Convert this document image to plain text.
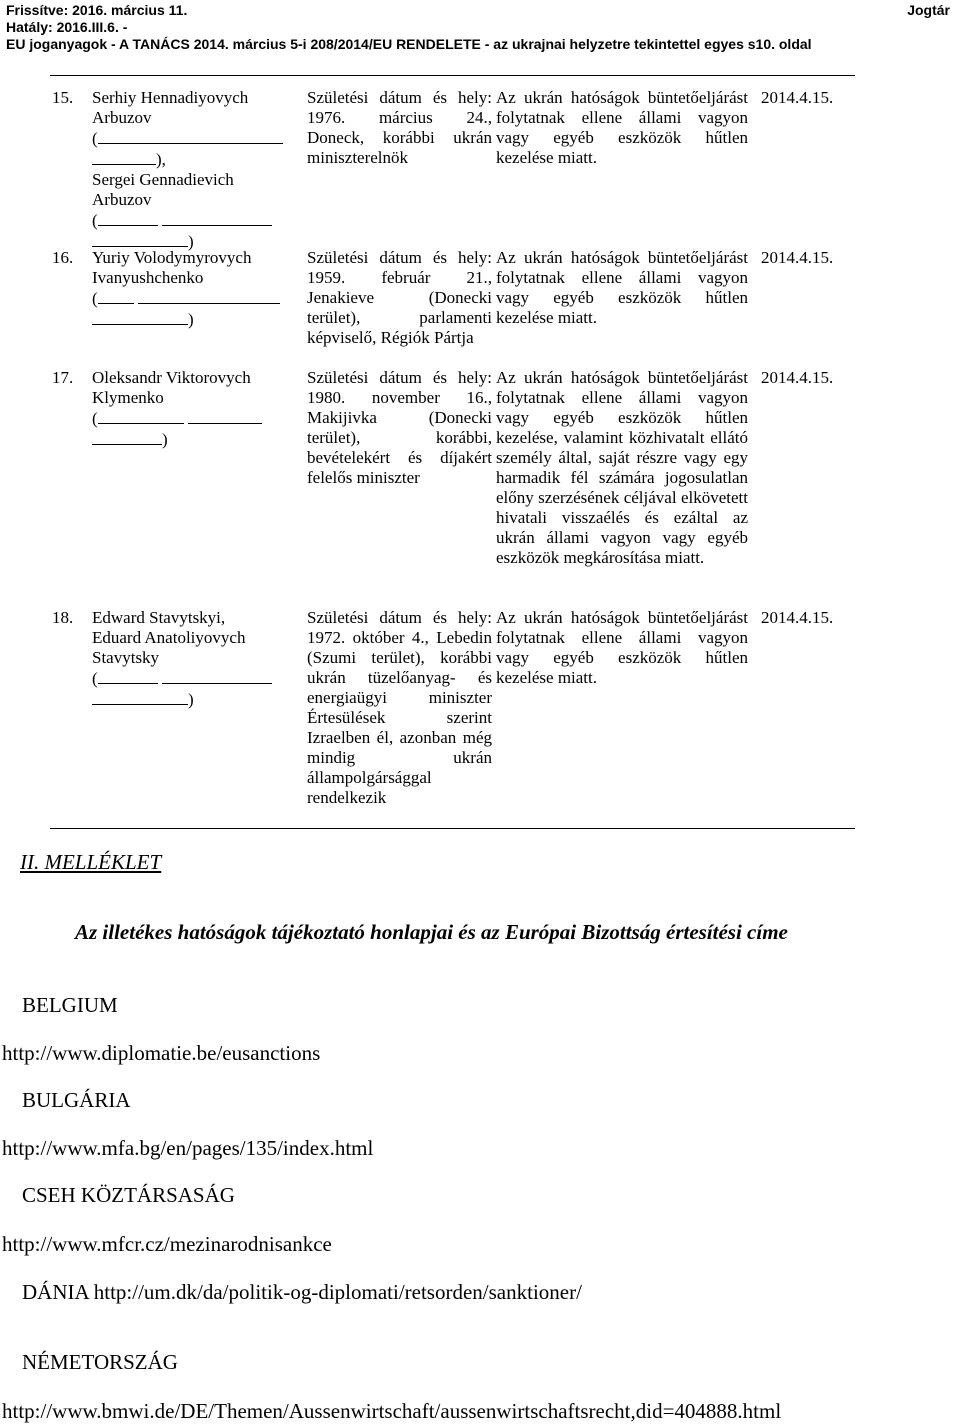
Frissítve: 2016. március 11.
Hatály: 2016.III.6. -
EU joganyagok - A TANÁCS 2014. március 5-i 208/2014/EU RENDELETE - az ukrajnai helyzetre tekintettel egyes s10. oldal
Jogtár
15. Serhiy Hennadiyovych
Arbuzov
(
),
Sergei Gennadievich
Arbuzov
(
)
Születési dátum és hely: 1976. március 24., Doneck, korábbi ukrán miniszterelnök
Az ukrán hatóságok büntetőeljárást folytatnak ellene állami vagyon vagy egyéb eszközök hűtlen kezelése miatt.
2014.4.15.
16. Yuriy Volodymyrovych
Ivanyushchenko
(
)
Születési dátum és hely: 1959. február 21., Jenakieve (Donecki terület), parlamenti képviselő, Régiók Pártja
Az ukrán hatóságok büntetőeljárást folytatnak ellene állami vagyon vagy egyéb eszközök hűtlen kezelése miatt.
2014.4.15.
17. Oleksandr Viktorovych
Klymenko
(
)
Születési dátum és hely: 1980. november 16., Makijivka (Donecki terület), korábbi, bevételekért és díjakért felelős miniszter
Az ukrán hatóságok büntetőeljárást folytatnak ellene állami vagyon vagy egyéb eszközök hűtlen kezelése, valamint közhivatalt ellátó személy által, saját részre vagy egy harmadik fél számára jogosulatlan előny szerzésének céljával elkövetett hivatali visszaélés és ezáltal az ukrán állami vagyon vagy egyéb eszközök megkárosítása miatt.
2014.4.15.
18. Edward Stavytskyi,
Eduard Anatoliyovych
Stavytsky
(
)
Születési dátum és hely: 1972. október 4., Lebedin (Szumi terület), korábbi ukrán tüzelőanyag- és energiaügyi miniszter Értesülések szerint Izraelben él, azonban még mindig ukrán állampolgársággal rendelkezik
Az ukrán hatóságok büntetőeljárást folytatnak ellene állami vagyon vagy egyéb eszközök hűtlen kezelése miatt.
2014.4.15.
II. MELLÉKLET
Az illetékes hatóságok tájékoztató honlapjai és az Európai Bizottság értesítési címe
BELGIUM
http://www.diplomatie.be/eusanctions
BULGÁRIA
http://www.mfa.bg/en/pages/135/index.html
CSEH KÖZTÁRSASÁG
http://www.mfcr.cz/mezinarodnisankce
DÁNIA http://um.dk/da/politik-og-diplomati/retsorden/sanktioner/
NÉMETORSZÁG
http://www.bmwi.de/DE/Themen/Aussenwirtschaft/aussenwirtschaftsrecht,did=404888.html
